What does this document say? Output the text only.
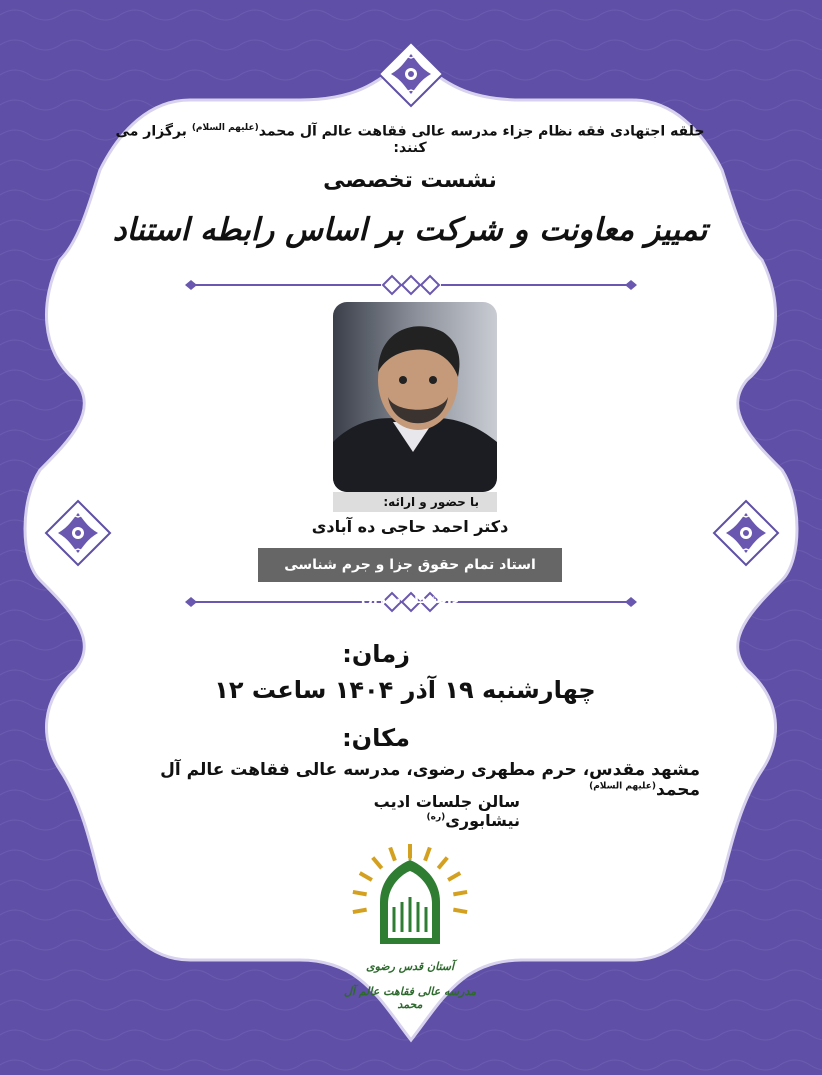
حلقه اجتهادی فقه نظام جزاء مدرسه عالی فقاهت عالم آل محمد$^{(علیهم السلام)}$ برگزار می کنند:
نشست تخصصی
تمییز معاونت و شرکت بر اساس رابطه استناد
با حضور و ارائه:
دکتر احمد حاجی ده آبادی
استاد تمام حقوق جزا و جرم شناسی دانشگاه تهران
زمان:
چهارشنبه ۱۹ آذر ۱۴۰۴ ساعت ۱۲
مکان:
مشهد مقدس، حرم مطهری رضوی، مدرسه عالی فقاهت عالم آل محمد$^{(علیهم السلام)}$
سالن جلسات ادیب نیشابوری$^{(ره)}$
آستان قدس رضوی
مدرسه عالی فقاهت عالم آل محمد
